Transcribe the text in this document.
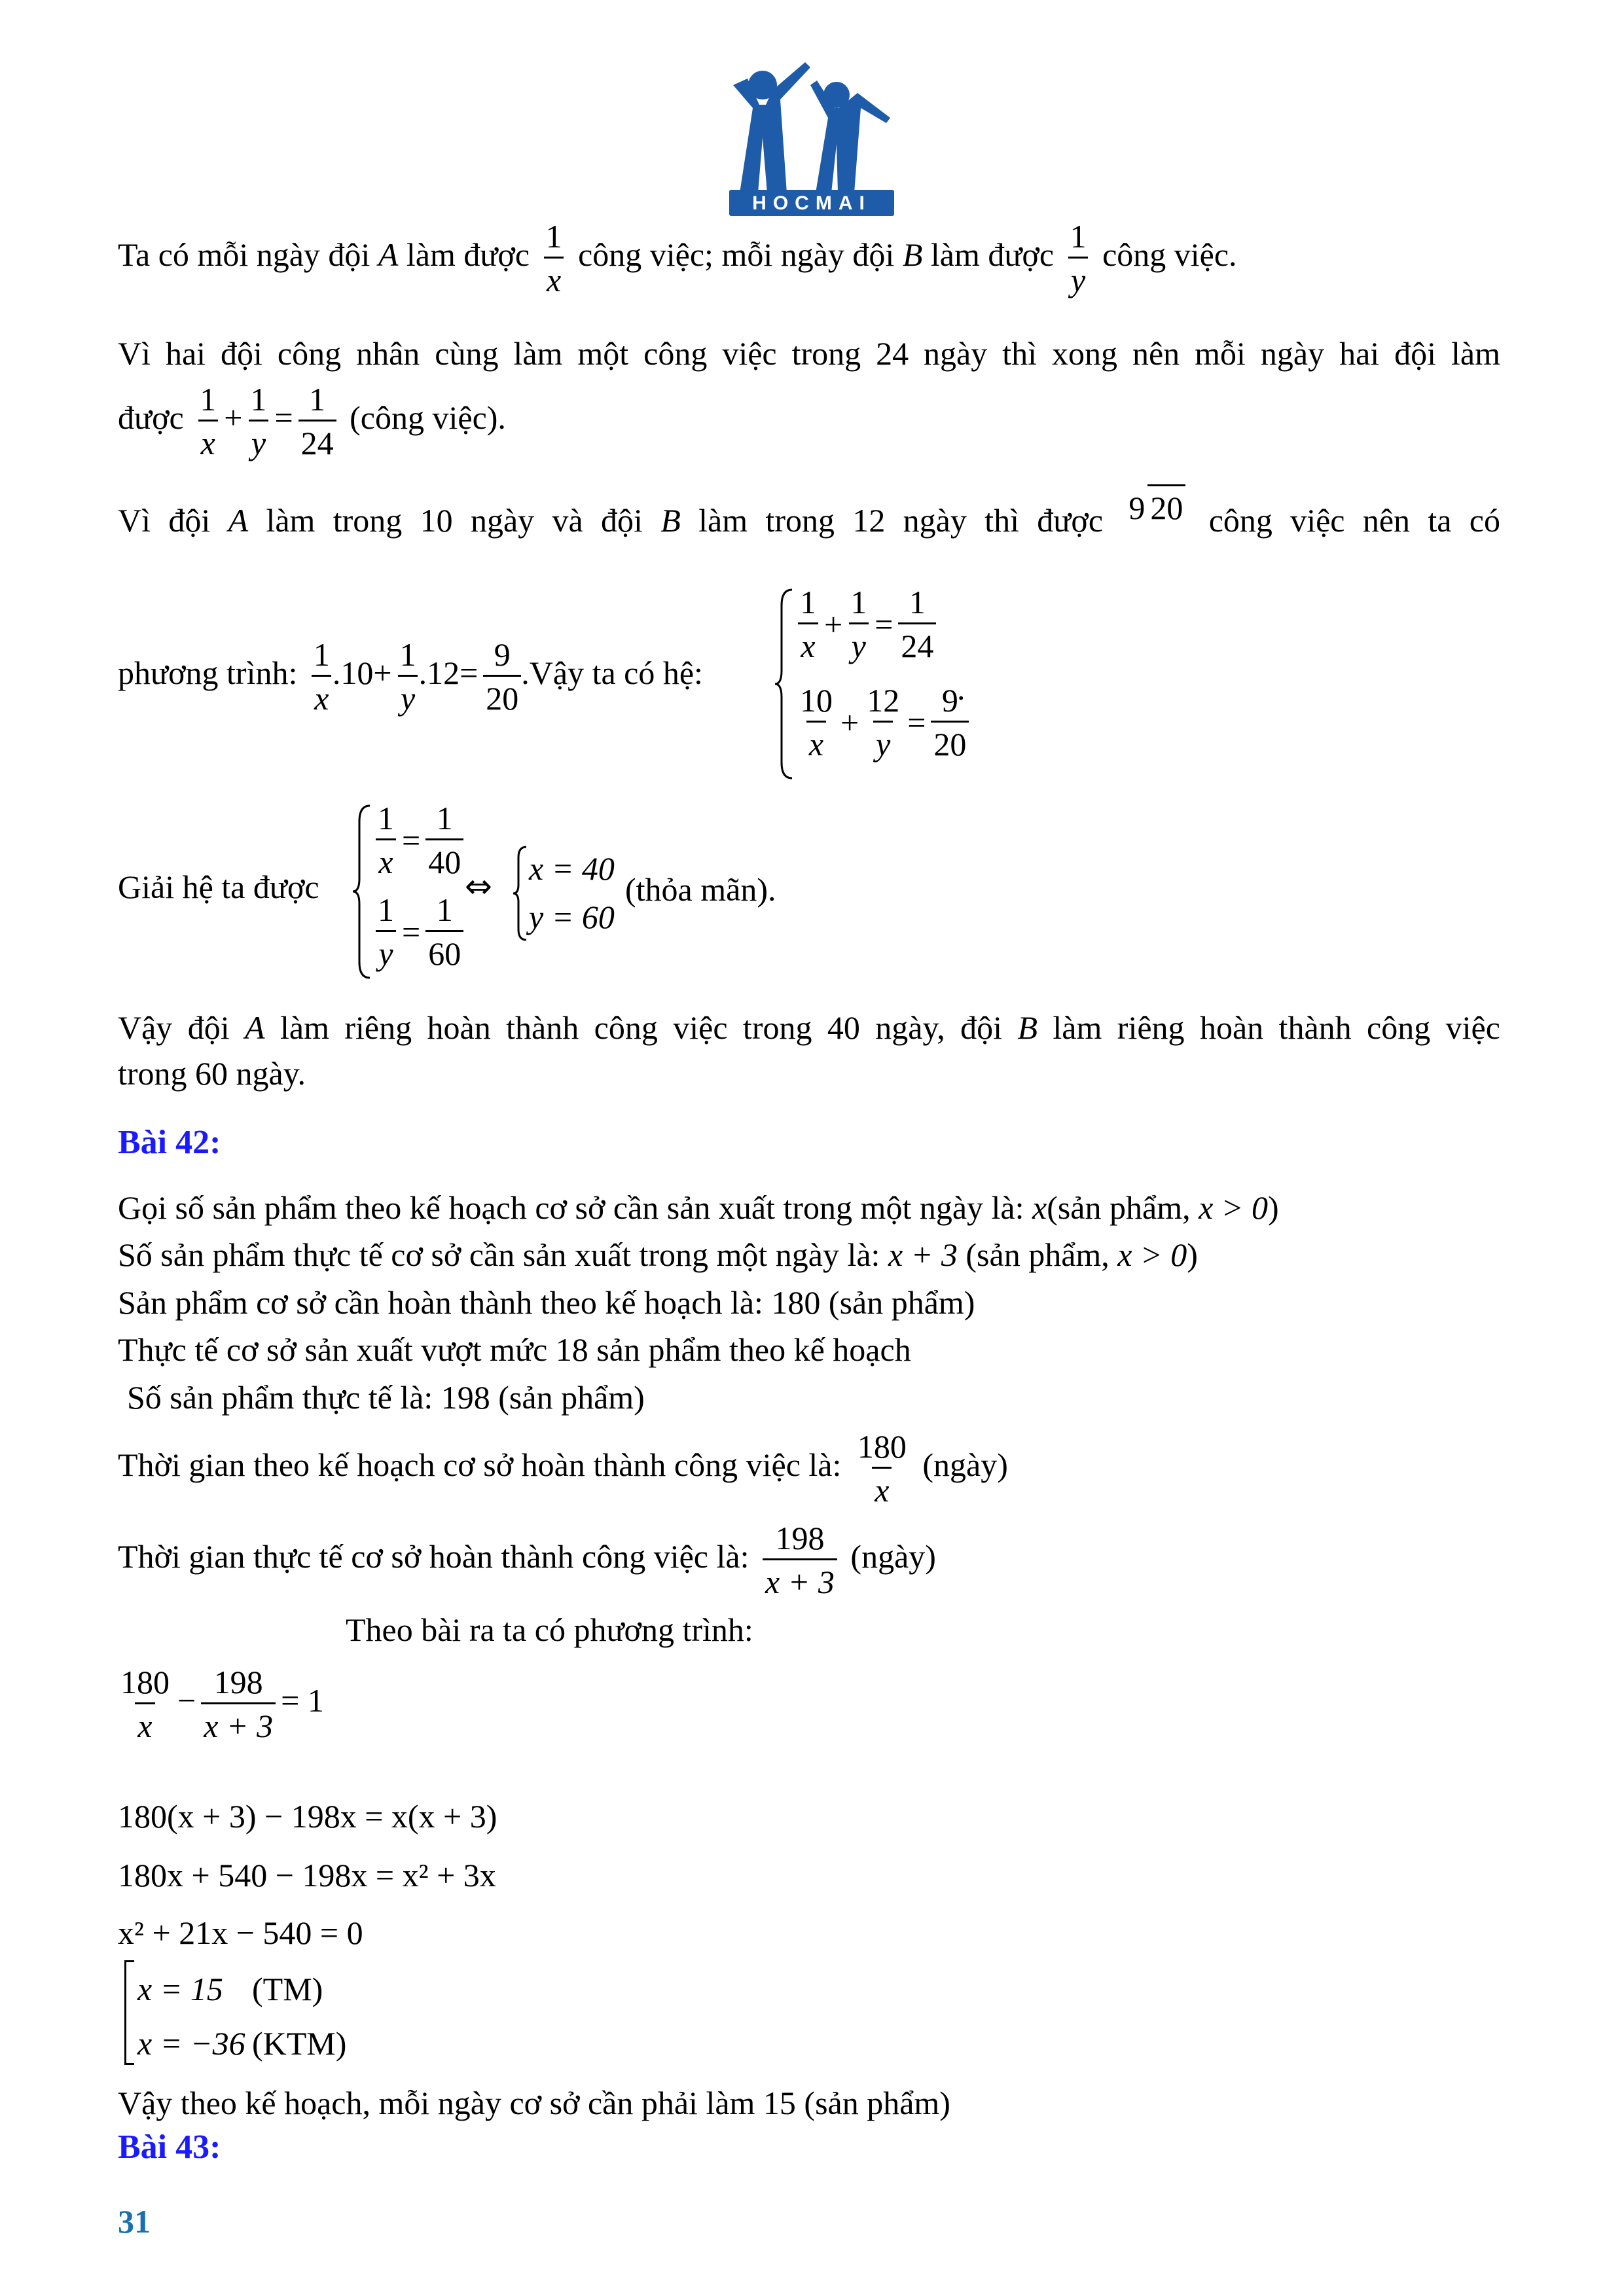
HOCMAI
Ta có mỗi ngày đội A làm được $\frac{1}{x}$ công việc; mỗi ngày đội B làm được $\frac{1}{y}$ công việc.
Vì hai đội công nhân cùng làm một công việc trong 24 ngày thì xong nên mỗi ngày hai đội làm
được $\frac{1}{x} + \frac{1}{y} = \frac{1}{24}$ (công việc).
Vì đội A làm trong 10 ngày và đội B làm trong 12 ngày thì được 9 20 công việc nên ta có
phương trình: $\frac{1}{x} .10+ \frac{1}{y} .12= \frac{9}{20}$ .Vậy ta có hệ:
$\frac{1}{x} + \frac{1}{y} = \frac{1}{24}$
$\frac{10}{x} + \frac{12}{y} = \frac{9}{20}$
.
Giải hệ ta được
$\frac{1}{x} = \frac{1}{40}$
$\frac{1}{y} = \frac{1}{60}$
⇔ x = 40
y = 60
(thỏa mãn).
Vậy đội A làm riêng hoàn thành công việc trong 40 ngày, đội B làm riêng hoàn thành công việc
trong 60 ngày.
Bài 42:
Gọi số sản phẩm theo kế hoạch cơ sở cần sản xuất trong một ngày là: x(sản phẩm, x > 0)
Số sản phẩm thực tế cơ sở cần sản xuất trong một ngày là: x + 3 (sản phẩm, x > 0)
Sản phẩm cơ sở cần hoàn thành theo kế hoạch là: 180 (sản phẩm)
Thực tế cơ sở sản xuất vượt mức 18 sản phẩm theo kế hoạch
Số sản phẩm thực tế là: 198 (sản phẩm)
Thời gian theo kế hoạch cơ sở hoàn thành công việc là: $\frac{180}{x}$ (ngày)
Thời gian thực tế cơ sở hoàn thành công việc là: $\frac{198}{x + 3}$ (ngày)
Theo bài ra ta có phương trình:
$\frac{180}{x} - \frac{198}{x + 3} = 1$
180(x + 3) − 198x = x(x + 3)
180x + 540 − 198x = x² + 3x
x² + 21x − 540 = 0
x = 15 (TM)
x = −36 (KTM)
Vậy theo kế hoạch, mỗi ngày cơ sở cần phải làm 15 (sản phẩm)
Bài 43:
31
